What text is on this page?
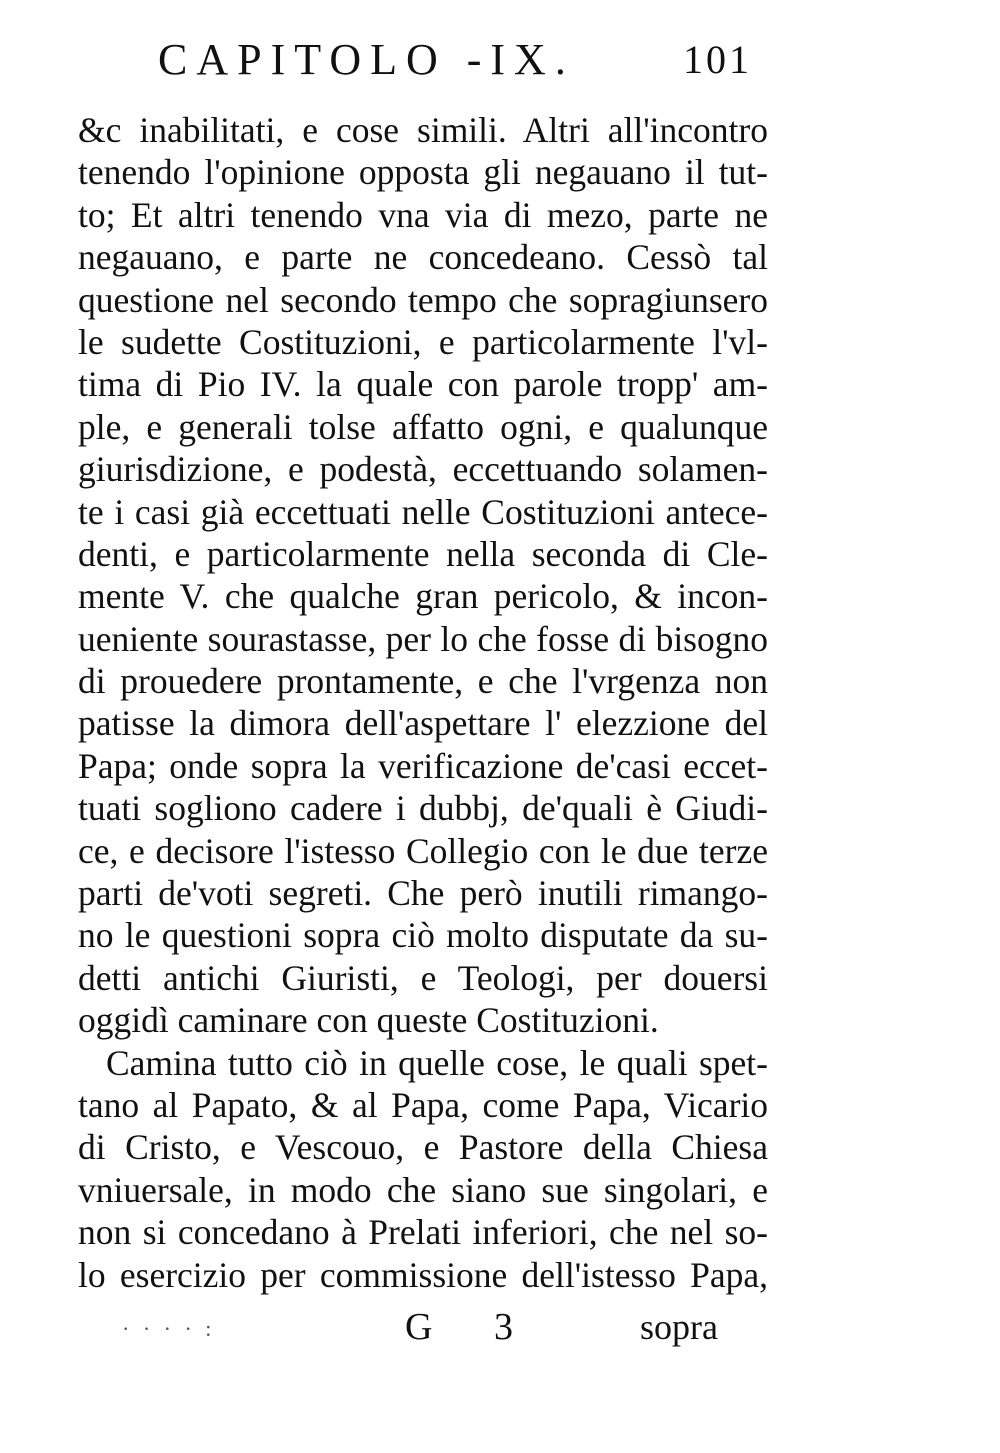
CAPITOLO -IX.	101
&c inabilitati, e cose simili. Altri all'incontro
tenendo l'opinione opposta gli negauano il tut-
to; Et altri tenendo vna via di mezo, parte ne
negauano, e parte ne concedeano. Cessò tal
questione nel secondo tempo che sopragiunsero
le sudette Costituzioni, e particolarmente l'vl-
tima di Pio IV. la quale con parole tropp' am-
ple, e generali tolse affatto ogni, e qualunque
giurisdizione, e podestà, eccettuando solamen-
te i casi già eccettuati nelle Costituzioni antece-
denti, e particolarmente nella seconda di Cle-
mente V. che qualche gran pericolo, & incon-
ueniente sourastasse, per lo che fosse di bisogno
di prouedere prontamente, e che l'vrgenza non
patisse la dimora dell'aspettare l' elezzione del
Papa; onde sopra la verificazione de'casi eccet-
tuati sogliono cadere i dubbj, de'quali è Giudi-
ce, e decisore l'istesso Collegio con le due terze
parti de'voti segreti. Che però inutili rimango-
no le questioni sopra ciò molto disputate da su-
detti antichi Giuristi, e Teologi, per douersi
oggidì caminare con queste Costituzioni.
Camina tutto ciò in quelle cose, le quali spet-
tano al Papato, & al Papa, come Papa, Vicario
di Cristo, e Vescouo, e Pastore della Chiesa
vniuersale, in modo che siano sue singolari, e
non si concedano à Prelati inferiori, che nel so-
lo esercizio per commissione dell'istesso Papa,
· · · · :	G 3	sopra
